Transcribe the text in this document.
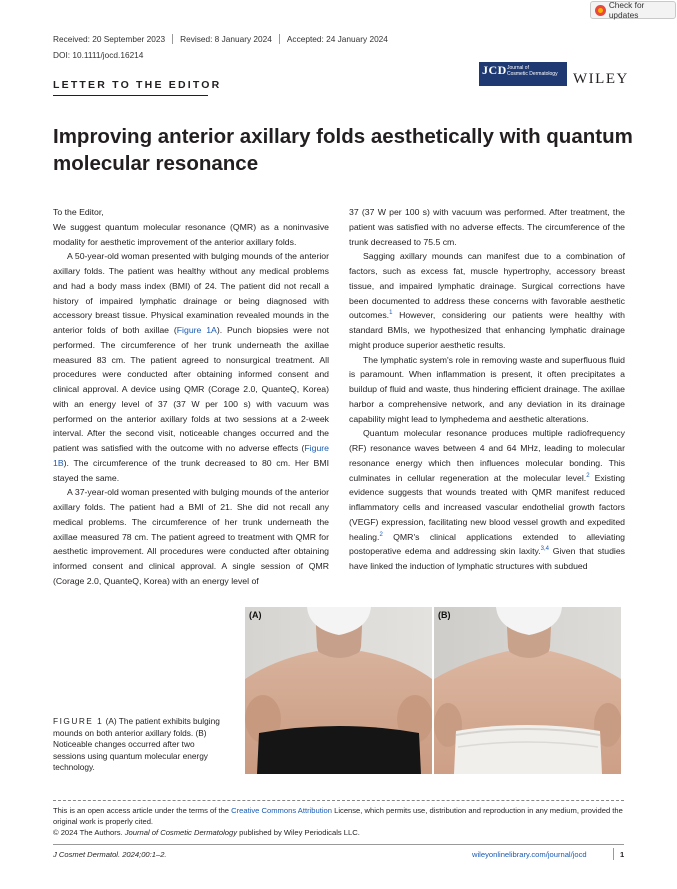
Check for updates
Received: 20 September 2023	Revised: 8 January 2024	Accepted: 24 January 2024
DOI: 10.1111/jocd.16214
LETTER TO THE EDITOR
JCD Journal of
Cosmetic Dermatology WILEY
Improving anterior axillary folds aesthetically with quantum molecular resonance

To the Editor,

We suggest quantum molecular resonance (QMR) as a noninvasive modality for aesthetic improvement of the anterior axillary folds.

A 50-year-old woman presented with bulging mounds of the anterior axillary folds. The patient was healthy without any medical problems and had a body mass index (BMI) of 24. The patient did not recall a history of impaired lymphatic drainage or being diagnosed with accessory breast tissue. Physical examination revealed mounds in the anterior folds of both axillae (Figure 1A). Punch biopsies were not performed. The circumference of her trunk underneath the axillae measured 83 cm. The patient agreed to nonsurgical treatment. All procedures were conducted after obtaining informed consent and clinical approval. A device using QMR (Corage 2.0, QuanteQ, Korea) with an energy level of 37 (37 W per 100 s) with vacuum was performed on the anterior axillary folds at two sessions at a 2-week interval. After the second visit, noticeable changes occurred and the patient was satisfied with the outcome with no adverse effects (Figure 1B). The circumference of the trunk decreased to 80 cm. Her BMI stayed the same.

A 37-year-old woman presented with bulging mounds of the anterior axillary folds. The patient had a BMI of 21. She did not recall any medical problems. The circumference of her trunk underneath the axillae measured 78 cm. The patient agreed to treatment with QMR for aesthetic improvement. All procedures were conducted after obtaining informed consent and clinical approval. A single session of QMR (Corage 2.0, QuanteQ, Korea) with an energy level of

37 (37 W per 100 s) with vacuum was performed. After treatment, the patient was satisfied with no adverse effects. The circumference of the trunk decreased to 75.5 cm.

Sagging axillary mounds can manifest due to a combination of factors, such as excess fat, muscle hypertrophy, accessory breast tissue, and impaired lymphatic drainage. Surgical corrections have been documented to address these concerns with favorable aesthetic outcomes.$^1$ However, considering our patients were healthy with standard BMIs, we hypothesized that enhancing lymphatic drainage might produce superior aesthetic results.

The lymphatic system's role in removing waste and superfluous fluid is paramount. When inflammation is present, it often precipitates a buildup of fluid and waste, thus hindering efficient drainage. The axillae harbor a comprehensive network, and any deviation in its drainage capability might lead to lymphedema and aesthetic alterations.

Quantum molecular resonance produces multiple radiofrequency (RF) resonance waves between 4 and 64 MHz, leading to molecular resonance energy which then influences molecular bonding. This culminates in cellular regeneration at the molecular level.$^2$ Existing evidence suggests that wounds treated with QMR manifest reduced inflammatory cells and increased vascular endothelial growth factors (VEGF) expression, facilitating new blood vessel growth and expedited healing.$^2$ QMR's clinical applications extended to alleviating postoperative edema and addressing skin laxity.$^{3,4}$ Given that studies have linked the induction of lymphatic structures with subdued

FIGURE 1 (A) The patient exhibits bulging mounds on both anterior axillary folds. (B) Noticeable changes occurred after two sessions using quantum molecular energy technology.
(A)	(B)
This is an open access article under the terms of the Creative Commons Attribution License, which permits use, distribution and reproduction in any medium, provided the original work is properly cited.
© 2024 The Authors. Journal of Cosmetic Dermatology published by Wiley Periodicals LLC.
J Cosmet Dermatol. 2024;00:1–2.	wileyonlinelibrary.com/journal/jocd	1
